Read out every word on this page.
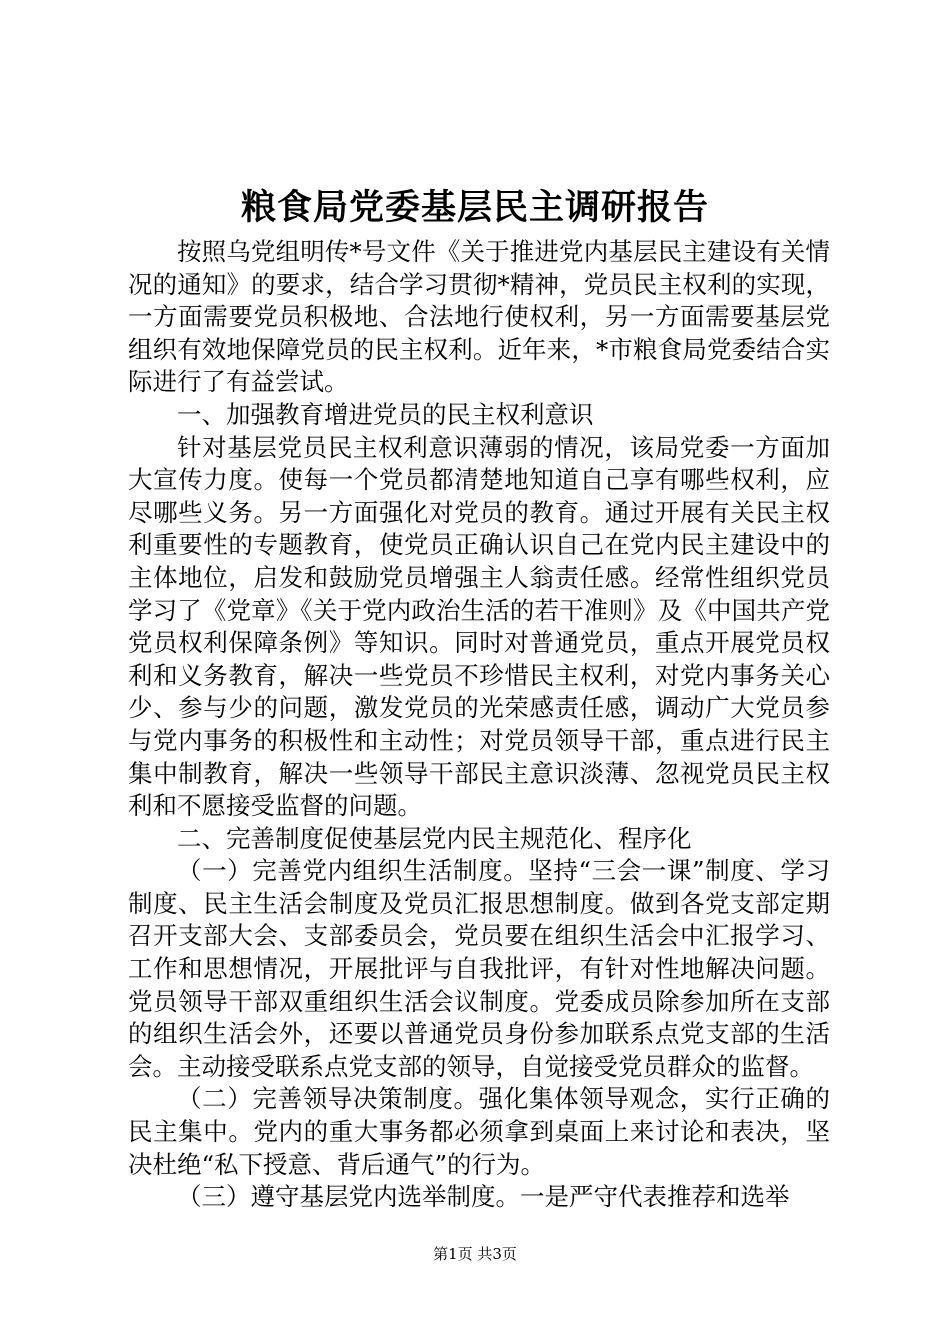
粮食局党委基层民主调研报告

按照乌党组明传*号文件《关于推进党内基层民主建设有关情况的通知》的要求，结合学习贯彻*精神，党员民主权利的实现，一方面需要党员积极地、合法地行使权利，另一方面需要基层党组织有效地保障党员的民主权利。近年来，*市粮食局党委结合实际进行了有益尝试。

一、加强教育增进党员的民主权利意识

针对基层党员民主权利意识薄弱的情况，该局党委一方面加大宣传力度。使每一个党员都清楚地知道自己享有哪些权利，应尽哪些义务。另一方面强化对党员的教育。通过开展有关民主权利重要性的专题教育，使党员正确认识自己在党内民主建设中的主体地位，启发和鼓励党员增强主人翁责任感。经常性组织党员学习了《党章》《关于党内政治生活的若干准则》及《中国共产党党员权利保障条例》等知识。同时对普通党员，重点开展党员权利和义务教育，解决一些党员不珍惜民主权利，对党内事务关心少、参与少的问题，激发党员的光荣感责任感，调动广大党员参与党内事务的积极性和主动性；对党员领导干部，重点进行民主集中制教育，解决一些领导干部民主意识淡薄、忽视党员民主权利和不愿接受监督的问题。

二、完善制度促使基层党内民主规范化、程序化

（一）完善党内组织生活制度。坚持“三会一课”制度、学习制度、民主生活会制度及党员汇报思想制度。做到各党支部定期召开支部大会、支部委员会，党员要在组织生活会中汇报学习、工作和思想情况，开展批评与自我批评，有针对性地解决问题。党员领导干部双重组织生活会议制度。党委成员除参加所在支部的组织生活会外，还要以普通党员身份参加联系点党支部的生活会。主动接受联系点党支部的领导，自觉接受党员群众的监督。

（二）完善领导决策制度。强化集体领导观念，实行正确的民主集中。党内的重大事务都必须拿到桌面上来讨论和表决，坚决杜绝“私下授意、背后通气”的行为。

（三）遵守基层党内选举制度。一是严守代表推荐和选举

第1页 共3页
